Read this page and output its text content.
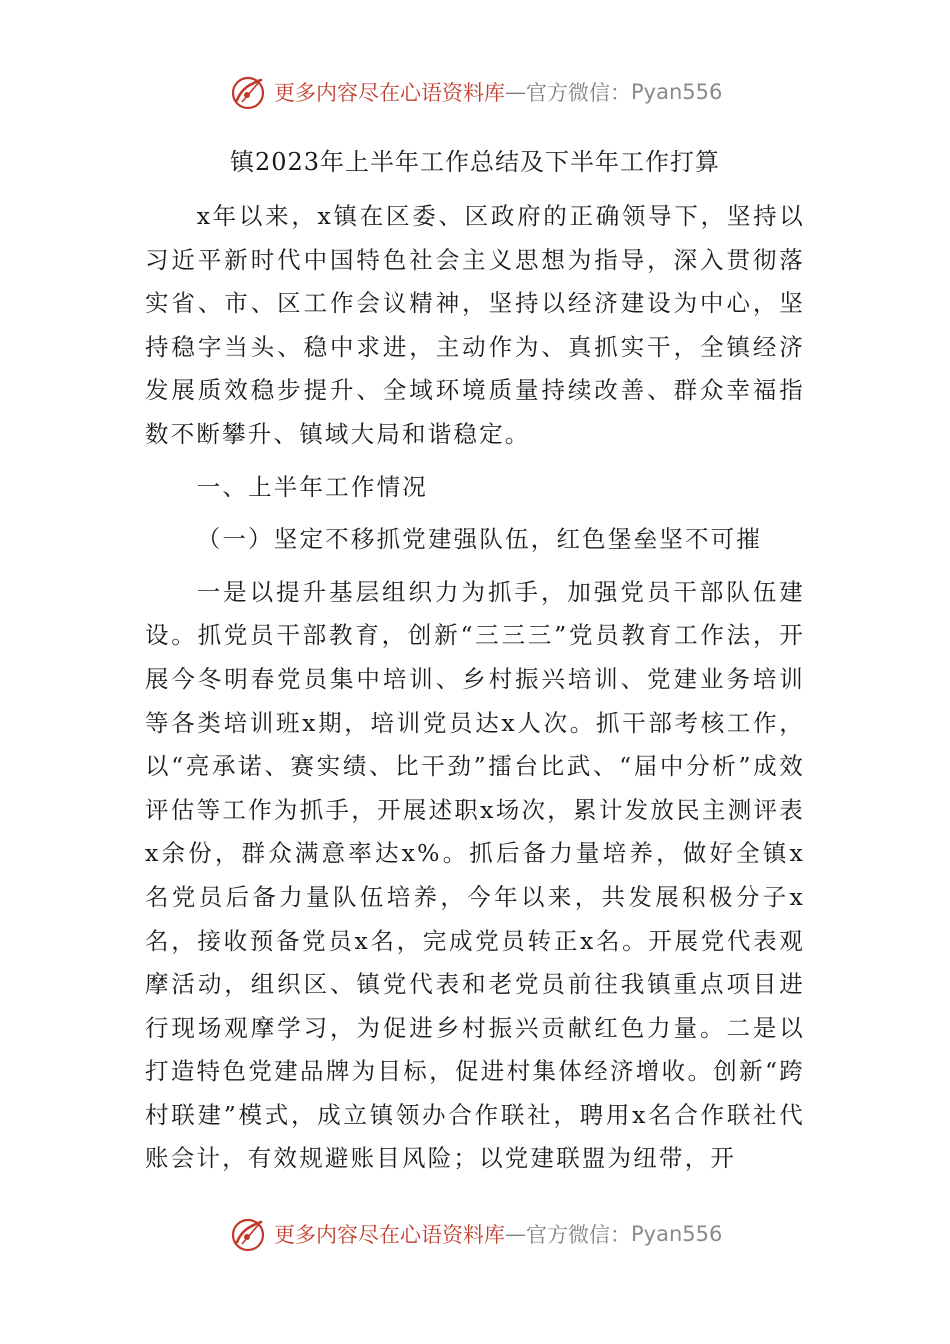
更多内容尽在心语资料库 — 官方微信： Pyan556
镇2023年上半年工作总结及下半年工作打算

x年以来，x镇在区委、区政府的正确领导下，坚持以习近平新时代中国特色社会主义思想为指导，深入贯彻落实省、市、区工作会议精神，坚持以经济建设为中心，坚持稳字当头、稳中求进，主动作为、真抓实干，全镇经济发展质效稳步提升、全域环境质量持续改善、群众幸福指数不断攀升、镇域大局和谐稳定。

一、上半年工作情况

（一）坚定不移抓党建强队伍，红色堡垒坚不可摧

一是以提升基层组织力为抓手，加强党员干部队伍建设。抓党员干部教育，创新“三三三”党员教育工作法，开展今冬明春党员集中培训、乡村振兴培训、党建业务培训等各类培训班x期，培训党员达x人次。抓干部考核工作，以“亮承诺、赛实绩、比干劲”擂台比武、“届中分析”成效评估等工作为抓手，开展述职x场次，累计发放民主测评表x余份，群众满意率达x%。抓后备力量培养，做好全镇x名党员后备力量队伍培养，今年以来，共发展积极分子x名，接收预备党员x名，完成党员转正x名。开展党代表观摩活动，组织区、镇党代表和老党员前往我镇重点项目进行现场观摩学习，为促进乡村振兴贡献红色力量。二是以打造特色党建品牌为目标，促进村集体经济增收。创新“跨村联建”模式，成立镇领办合作联社，聘用x名合作联社代账会计，有效规避账目风险；以党建联盟为纽带，开

更多内容尽在心语资料库 — 官方微信： Pyan556
